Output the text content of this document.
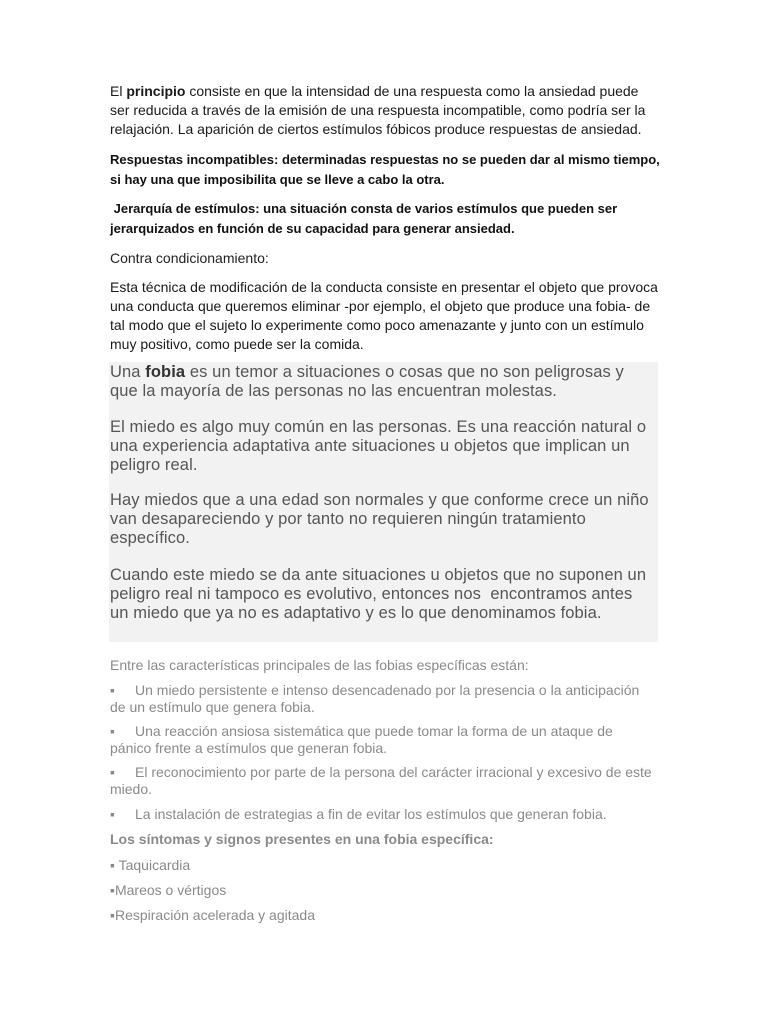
El principio consiste en que la intensidad de una respuesta como la ansiedad puede ser reducida a través de la emisión de una respuesta incompatible, como podría ser la relajación. La aparición de ciertos estímulos fóbicos produce respuestas de ansiedad.

Respuestas incompatibles: determinadas respuestas no se pueden dar al mismo tiempo, si hay una que imposibilita que se lleve a cabo la otra.

Jerarquía de estímulos: una situación consta de varios estímulos que pueden ser jerarquizados en función de su capacidad para generar ansiedad.

Contra condicionamiento:

Esta técnica de modificación de la conducta consiste en presentar el objeto que provoca una conducta que queremos eliminar -por ejemplo, el objeto que produce una fobia- de tal modo que el sujeto lo experimente como poco amenazante y junto con un estímulo muy positivo, como puede ser la comida.

Una fobia es un temor a situaciones o cosas que no son peligrosas y que la mayoría de las personas no las encuentran molestas.

El miedo es algo muy común en las personas. Es una reacción natural o una experiencia adaptativa ante situaciones u objetos que implican un peligro real.

Hay miedos que a una edad son normales y que conforme crece un niño van desapareciendo y por tanto no requieren ningún tratamiento específico.

Cuando este miedo se da ante situaciones u objetos que no suponen un peligro real ni tampoco es evolutivo, entonces nos  encontramos antes un miedo que ya no es adaptativo y es lo que denominamos fobia.

Entre las características principales de las fobias específicas están:

▪ Un miedo persistente e intenso desencadenado por la presencia o la anticipación de un estímulo que genera fobia.

▪ Una reacción ansiosa sistemática que puede tomar la forma de un ataque de pánico frente a estímulos que generan fobia.

▪ El reconocimiento por parte de la persona del carácter irracional y excesivo de este miedo.

▪ La instalación de estrategias a fin de evitar los estímulos que generan fobia.

Los síntomas y signos presentes en una fobia específica:

▪ Taquicardia

▪Mareos o vértigos

▪Respiración acelerada y agitada
